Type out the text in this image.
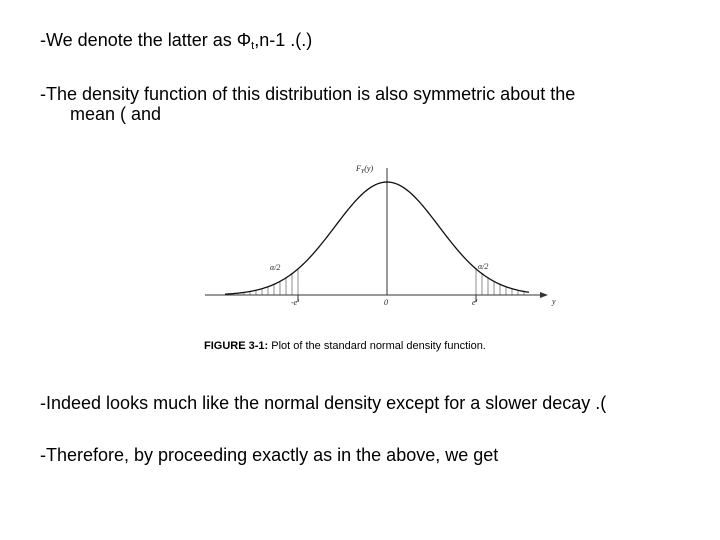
-We denote the latter as $\Phi_t,n-1$ .(.)

-The density function of this distribution is also symmetric about the
mean ( and

$F_Y(y)$
y
-e'	0	e'
α/2	α/2
FIGURE 3-1: Plot of the standard normal density function.

-Indeed looks much like the normal density except for a slower decay .(

-Therefore, by proceeding exactly as in the above, we get
